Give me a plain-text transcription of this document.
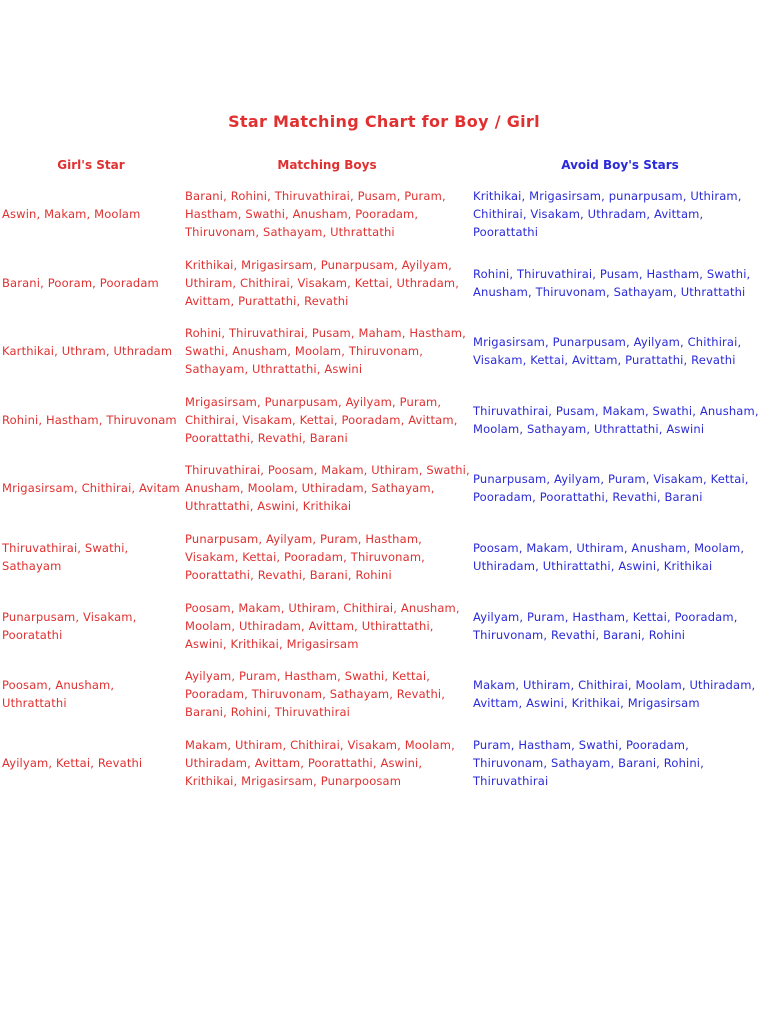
Star Matching Chart for Boy / Girl
Girl's Star	Matching Boys	Avoid Boy's Stars
Aswin, Makam, Moolam
Barani, Rohini, Thiruvathirai, Pusam, Puram, Hastham, Swathi, Anusham, Pooradam, Thiruvonam, Sathayam, Uthrattathi
Krithikai, Mrigasirsam, punarpusam, Uthiram, Chithirai, Visakam, Uthradam, Avittam, Poorattathi
Barani, Pooram, Pooradam
Krithikai, Mrigasirsam, Punarpusam, Ayilyam, Uthiram, Chithirai, Visakam, Kettai, Uthradam, Avittam, Purattathi, Revathi
Rohini, Thiruvathirai, Pusam, Hastham, Swathi, Anusham, Thiruvonam, Sathayam, Uthrattathi
Karthikai, Uthram, Uthradam
Rohini, Thiruvathirai, Pusam, Maham, Hastham, Swathi, Anusham, Moolam, Thiruvonam, Sathayam, Uthrattathi, Aswini
Mrigasirsam, Punarpusam, Ayilyam, Chithirai, Visakam, Kettai, Avittam, Purattathi, Revathi
Rohini, Hastham, Thiruvonam
Mrigasirsam, Punarpusam, Ayilyam, Puram, Chithirai, Visakam, Kettai, Pooradam, Avittam, Poorattathi, Revathi, Barani
Thiruvathirai, Pusam, Makam, Swathi, Anusham, Moolam, Sathayam, Uthrattathi, Aswini
Mrigasirsam, Chithirai, Avitam
Thiruvathirai, Poosam, Makam, Uthiram, Swathi, Anusham, Moolam, Uthiradam, Sathayam, Uthrattathi, Aswini, Krithikai
Punarpusam, Ayilyam, Puram, Visakam, Kettai, Pooradam, Poorattathi, Revathi, Barani
Thiruvathirai, Swathi, Sathayam
Punarpusam, Ayilyam, Puram, Hastham, Visakam, Kettai, Pooradam, Thiruvonam, Poorattathi, Revathi, Barani, Rohini
Poosam, Makam, Uthiram, Anusham, Moolam, Uthiradam, Uthirattathi, Aswini, Krithikai
Punarpusam, Visakam, Pooratathi
Poosam, Makam, Uthiram, Chithirai, Anusham, Moolam, Uthiradam, Avittam, Uthirattathi, Aswini, Krithikai, Mrigasirsam
Ayilyam, Puram, Hastham, Kettai, Pooradam, Thiruvonam, Revathi, Barani, Rohini
Poosam, Anusham, Uthrattathi
Ayilyam, Puram, Hastham, Swathi, Kettai, Pooradam, Thiruvonam, Sathayam, Revathi, Barani, Rohini, Thiruvathirai
Makam, Uthiram, Chithirai, Moolam, Uthiradam, Avittam, Aswini, Krithikai, Mrigasirsam
Ayilyam, Kettai, Revathi
Makam, Uthiram, Chithirai, Visakam, Moolam, Uthiradam, Avittam, Poorattathi, Aswini, Krithikai, Mrigasirsam, Punarpoosam
Puram, Hastham, Swathi, Pooradam, Thiruvonam, Sathayam, Barani, Rohini, Thiruvathirai
